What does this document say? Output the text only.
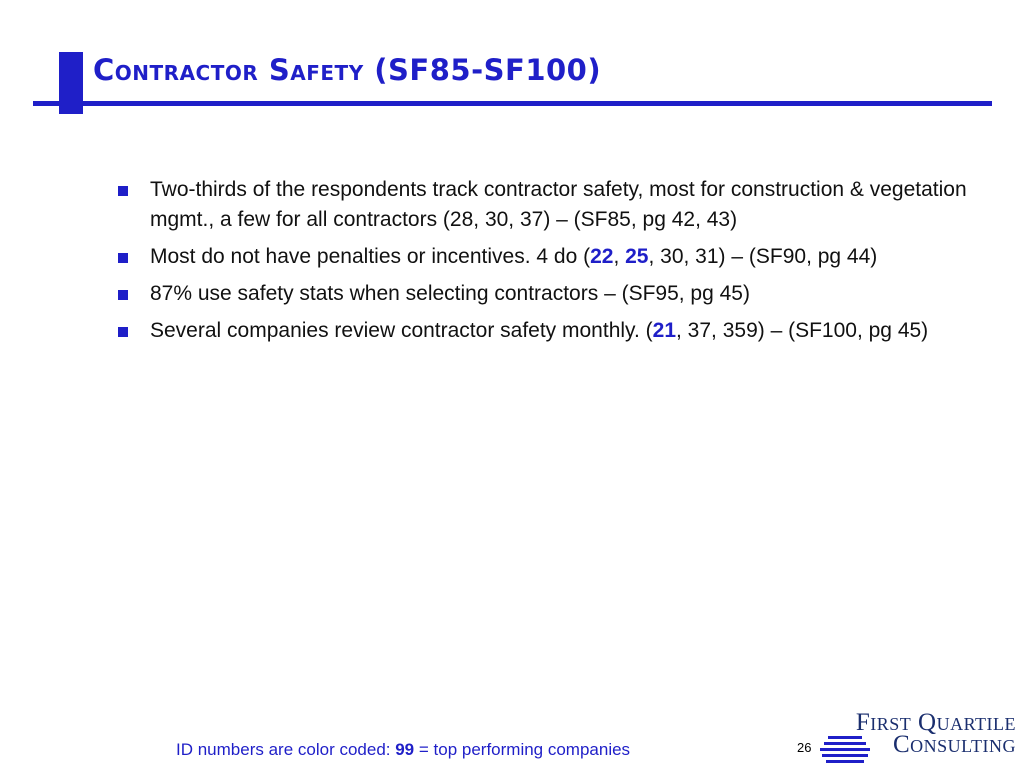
Contractor Safety (SF85-SF100)
Two-thirds of the respondents track contractor safety, most for construction & vegetation mgmt., a few for all contractors (28, 30, 37) – (SF85, pg 42, 43)
Most do not have penalties or incentives. 4 do (22, 25, 30, 31) – (SF90, pg 44)
87% use safety stats when selecting contractors – (SF95, pg 45)
Several companies review contractor safety monthly. (21, 37, 359) – (SF100, pg 45)
ID numbers are color coded: 99 = top performing companies	26
First Quartile
Consulting
